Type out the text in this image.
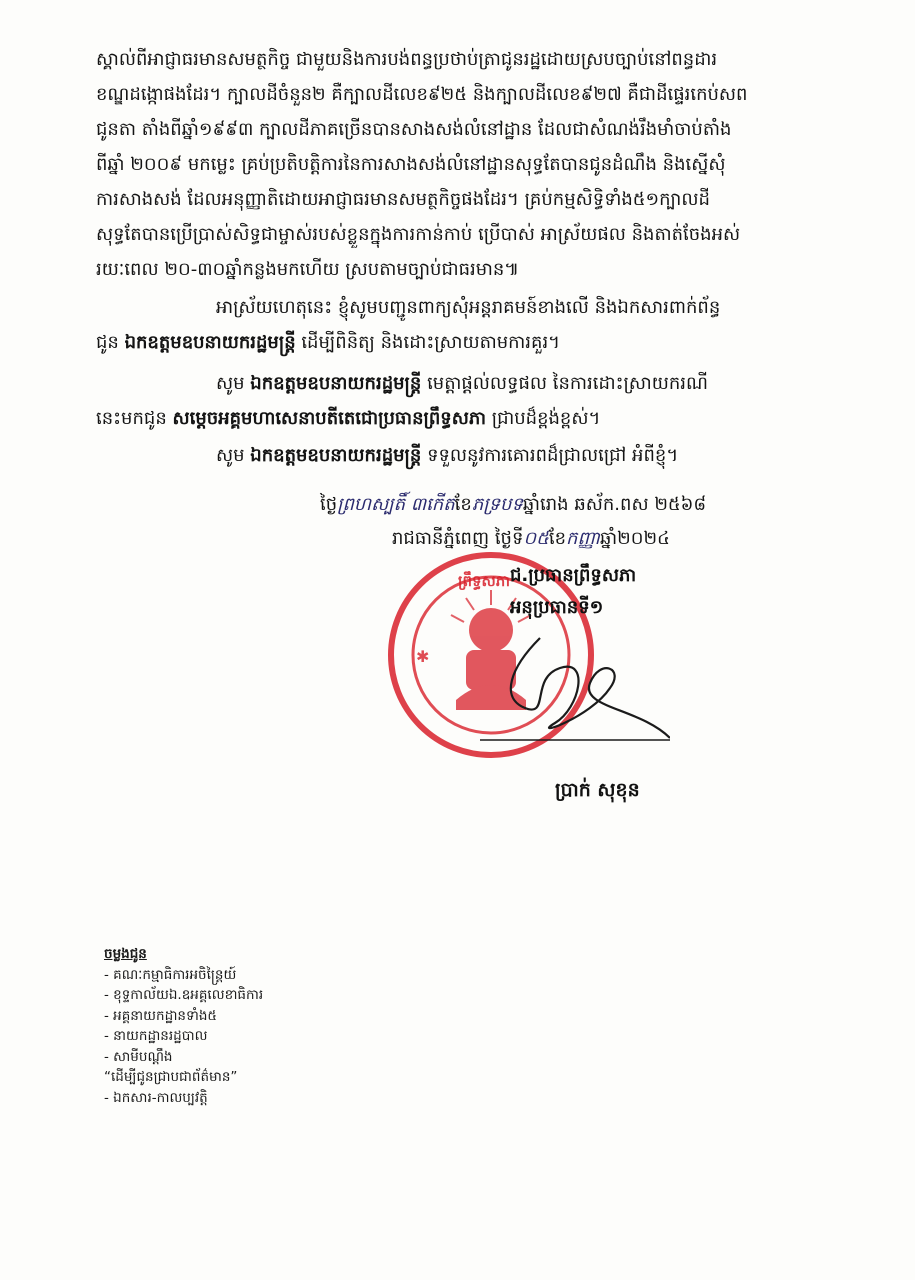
ស្គាល់ពីអាជ្ញាធរមានសមត្ថកិច្ច ជាមួយនិងការបង់ពន្ធប្រថាប់ត្រាជូនរដ្ឋដោយស្របច្បាប់នៅពន្ធដារ

ខណ្ឌដង្កោផងដែរ។ ក្បាលដីចំនួន២ គឺក្បាលដីលេខ៩២៥ និងក្បាលដីលេខ៩២៧ គឺជាដីផ្ទេរកេប់សព

ជូនតា តាំងពីឆ្នាំ១៩៩៣ ក្បាលដីភាគច្រើនបានសាងសង់លំនៅដ្ឋាន ដែលជាសំណង់រឹងមាំចាប់តាំង

ពីឆ្នាំ ២០០៩ មកម្លេះ គ្រប់ប្រតិបត្តិការនៃការសាងសង់លំនៅដ្ឋានសុទ្ធតែបានជូនដំណឹង និងស្នើសុំ

ការសាងសង់ ដែលអនុញ្ញាតិដោយអាជ្ញាធរមានសមត្ថកិច្ចផងដែរ។ គ្រប់កម្មសិទ្ធិទាំង៥១ក្បាលដី

សុទ្ធតែបានប្រើប្រាស់សិទ្ធជាម្ចាស់របស់ខ្លួនក្នុងការកាន់កាប់ ប្រើបាស់ អាស្រ័យផល និងតាត់ចែងអស់

រយៈពេល ២០-៣០ឆ្នាំកន្លងមកហើយ ស្របតាមច្បាប់ជាធរមាន៕

អាស្រ័យហេតុនេះ ខ្ញុំសូមបញ្ជូនពាក្យសុំអន្តរាគមន៍ខាងលើ និងឯកសារពាក់ព័ន្ធ

ជូន ឯកឧត្តមឧបនាយករដ្ឋមន្ត្រី ដើម្បីពិនិត្យ និងដោះស្រាយតាមការគួរ។

សូម ឯកឧត្តមឧបនាយករដ្ឋមន្ត្រី មេត្តាផ្តល់លទ្ធផល នៃការដោះស្រាយករណី

នេះមកជូន សម្តេចអគ្គមហាសេនាបតីតេជោប្រធានព្រឹទ្ធសភា ជ្រាបដ៏ខ្ពង់ខ្ពស់។

សូម ឯកឧត្តមឧបនាយករដ្ឋមន្ត្រី ទទួលនូវការគោរពដ៏ជ្រាលជ្រៅ អំពីខ្ញុំ។

ថ្ងៃព្រហស្បតិ៍ ៣កើតខែភទ្របទឆ្នាំរោង ឆស័ក.ពស ២៥៦៨

រាជធានីភ្នំពេញ ថ្ងៃទី០៥ខែកញ្ញាឆ្នាំ២០២៤

✱
ព្រឹទ្ធសភា ជ.ប្រធានព្រឹទ្ធសភា

អនុប្រធានទី១

ប្រាក់ សុខុន
ចម្លងជូន
- គណៈកម្មាធិការអចិន្ត្រៃយ៍
- ខុទ្ទកាល័យឯ.ឧអគ្គលេខាធិការ
- អគ្គនាយកដ្ឋានទាំង៥
- នាយកដ្ឋានរដ្ឋបាល
- សាមីបណ្តឹង
“ដើម្បីជូនជ្រាបជាព័ត៌មាន”
- ឯកសារ-កាលប្បវត្តិ
